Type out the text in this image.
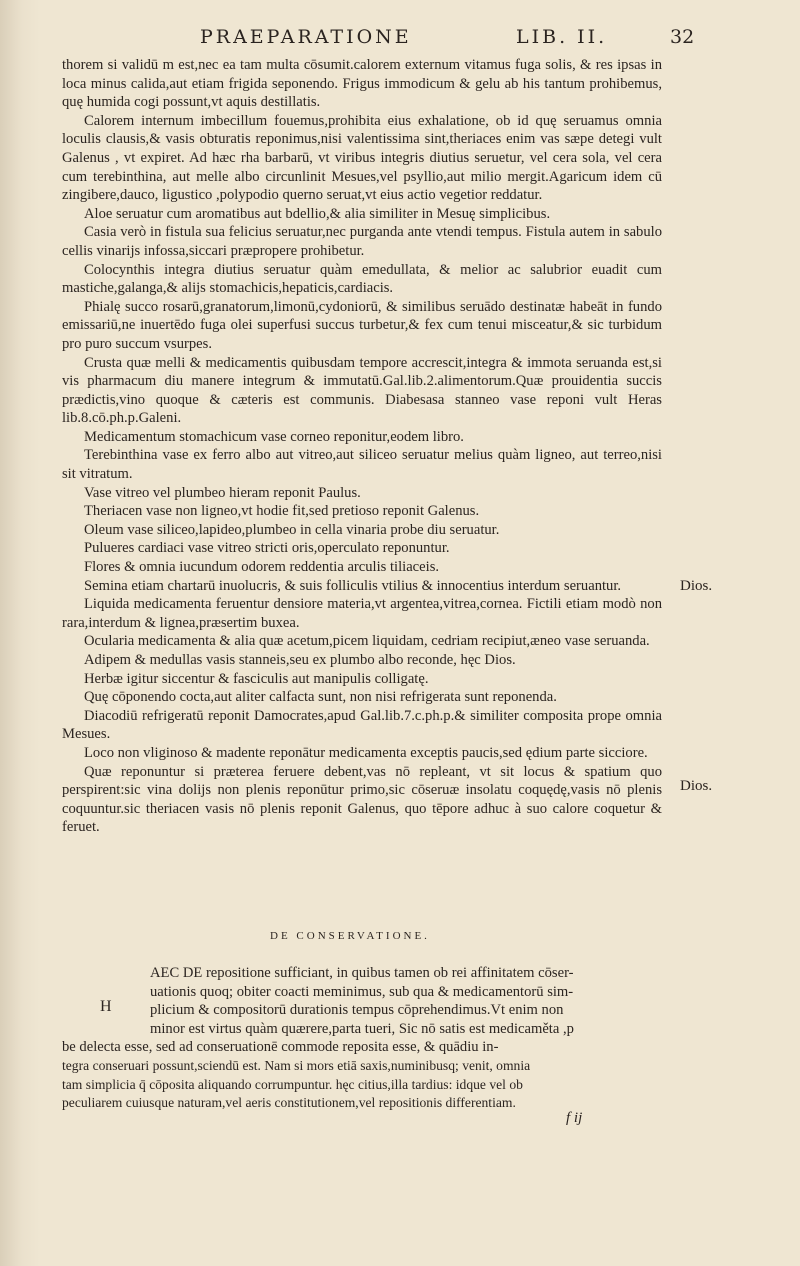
PRAEPARATIONE	LIB. II.	32

thorem si validū m est,nec ea tam multa cōsumit.calorem externum vitamus fuga solis, & res ipsas in loca minus calida,aut etiam frigida seponendo. Frigus immodicum & gelu ab his tantum prohibemus, quę humida cogi possunt,vt aquis destillatis.

Calorem internum imbecillum fouemus,prohibita eius exhalatione, ob id quę seruamus omnia loculis clausis,& vasis obturatis reponimus,nisi valentissima sint,theriaces enim vas sæpe detegi vult Galenus , vt expiret. Ad hæc rha barbarū, vt viribus integris diutius seruetur, vel cera sola, vel cera cum terebinthina, aut melle albo circunlinit Mesues,vel psyllio,aut milio mergit.Agaricum idem cū zingibere,dauco, ligustico ,polypodio querno seruat,vt eius actio vegetior reddatur.

Aloe seruatur cum aromatibus aut bdellio,& alia similiter in Mesuę simplicibus.

Casia verò in fistula sua felicius seruatur,nec purganda ante vtendi tempus. Fistula autem in sabulo cellis vinarijs infossa,siccari præpropere prohibetur.

Colocynthis integra diutius seruatur quàm emedullata, & melior ac salubrior euadit cum mastiche,galanga,& alijs stomachicis,hepaticis,cardiacis.

Phialę succo rosarū,granatorum,limonū,cydoniorū, & similibus seruādo destinatæ habeāt in fundo emissariū,ne inuertēdo fuga olei superfusi succus turbetur,& fex cum tenui misceatur,& sic turbidum pro puro succum vsurpes.

Crusta quæ melli & medicamentis quibusdam tempore accrescit,integra & immota seruanda est,si vis pharmacum diu manere integrum & immutatū.Gal.lib.2.alimentorum.Quæ prouidentia succis prædictis,vino quoque & cæteris est communis. Diabesasa stanneo vase reponi vult Heras lib.8.cō.ph.p.Galeni.

Medicamentum stomachicum vase corneo reponitur,eodem libro.

Terebinthina vase ex ferro albo aut vitreo,aut siliceo seruatur melius quàm ligneo, aut terreo,nisi sit vitratum.

Vase vitreo vel plumbeo hieram reponit Paulus.

Theriacen vase non ligneo,vt hodie fit,sed pretioso reponit Galenus.

Oleum vase siliceo,lapideo,plumbeo in cella vinaria probe diu seruatur.

Pulueres cardiaci vase vitreo stricti oris,operculato reponuntur.

Flores & omnia iucundum odorem reddentia arculis tiliaceis.

Semina etiam chartarū inuolucris, & suis folliculis vtilius & innocentius interdum seruantur.

Liquida medicamenta feruentur densiore materia,vt argentea,vitrea,cornea. Fictili etiam modò non rara,interdum & lignea,præsertim buxea.

Ocularia medicamenta & alia quæ acetum,picem liquidam, cedriam recipiut,æneo vase seruanda.

Adipem & medullas vasis stanneis,seu ex plumbo albo reconde, hęc Dios.

Herbæ igitur siccentur & fasciculis aut manipulis colligatę.

Quę cōponendo cocta,aut aliter calfacta sunt, non nisi refrigerata sunt reponenda.

Diacodiū refrigeratū reponit Damocrates,apud Gal.lib.7.c.ph.p.& similiter composita prope omnia Mesues.

Loco non vliginoso & madente reponātur medicamenta exceptis paucis,sed ędium parte sicciore.

Quæ reponuntur si præterea feruere debent,vas nō repleant, vt sit locus & spatium quo perspirent:sic vina dolijs non plenis reponūtur primo,sic cōseruæ insolatu coquędę,vasis nō plenis coquuntur.sic theriacen vasis nō plenis reponit Galenus, quo tēpore adhuc à suo calore coquetur & feruet.

Dios.
Dios.
DE CONSERVATIONE.
H
AEC DE repositione sufficiant, in quibus tamen ob rei affinitatem cōser-
uationis quoq; obiter coacti meminimus, sub qua & medicamentorū sim-
plicium & compositorū durationis tempus cōprehendimus.Vt enim non
minor est virtus quàm quærere,parta tueri, Sic nō satis est medicaměta ,p
be delecta esse, sed ad conseruationē commode reposita esse, & quādiu in-
tegra conseruari possunt,sciendū est. Nam si mors etiā saxis,numinibusq; venit, omnia
tam simplicia q̄ cōposita aliquando corrumpuntur. hęc citius,illa tardius: idque vel ob
peculiarem cuiusque naturam,vel aeris constitutionem,vel repositionis differentiam.
f ij
